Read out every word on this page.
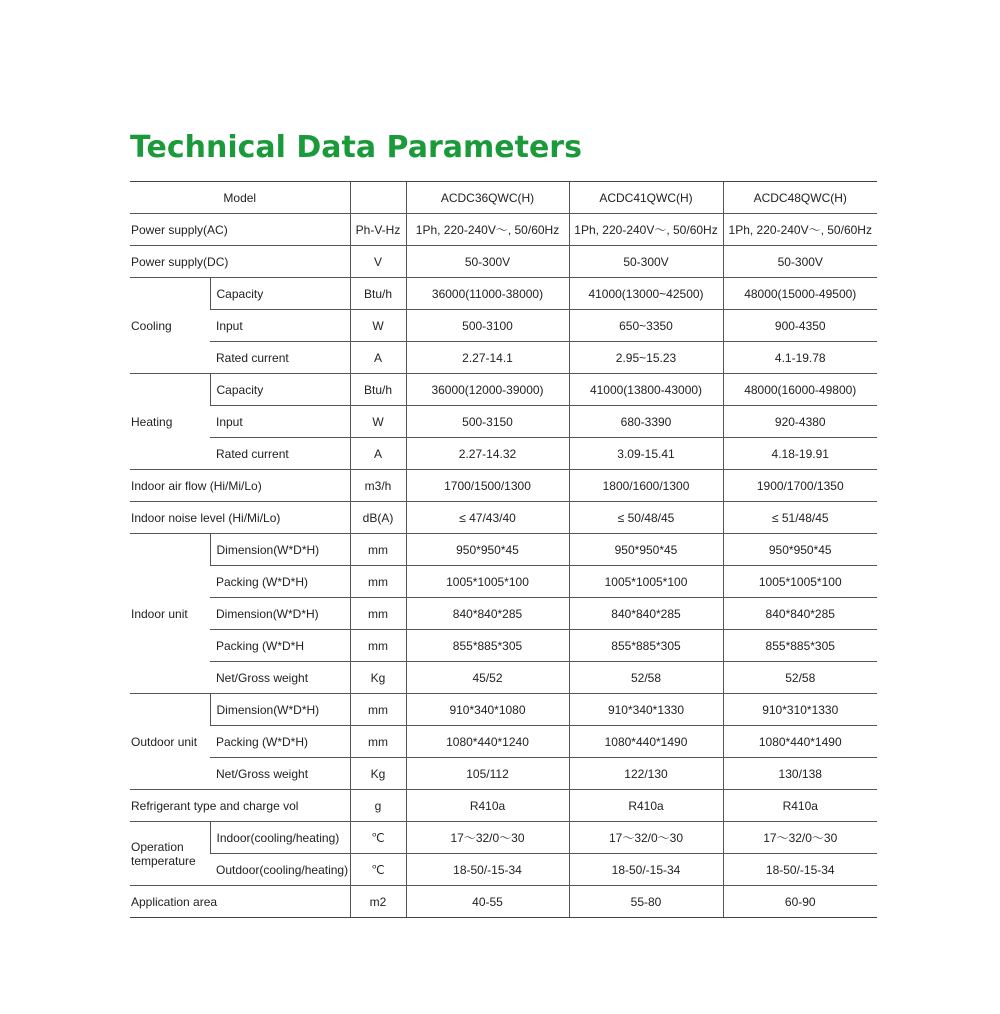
Technical Data Parameters
Model			ACDC36QWC(H)	ACDC41QWC(H)	ACDC48QWC(H)
Power supply(AC)		Ph-V-Hz	1Ph, 220-240V〜, 50/60Hz	1Ph, 220-240V〜, 50/60Hz	1Ph, 220-240V〜, 50/60Hz
Power supply(DC)		V	50-300V	50-300V	50-300V
Cooling	Capacity	Btu/h	36000(11000-38000)	41000(13000~42500)	48000(15000-49500)
	Input	W	500-3100	650~3350	900-4350
	Rated current	A	2.27-14.1	2.95~15.23	4.1-19.78
Heating	Capacity	Btu/h	36000(12000-39000)	41000(13800-43000)	48000(16000-49800)
	Input	W	500-3150	680-3390	920-4380
	Rated current	A	2.27-14.32	3.09-15.41	4.18-19.91
Indoor air flow (Hi/Mi/Lo)		m3/h	1700/1500/1300	1800/1600/1300	1900/1700/1350
Indoor noise level (Hi/Mi/Lo)		dB(A)	≤ 47/43/40	≤ 50/48/45	≤ 51/48/45
Indoor unit	Dimension(W*D*H)	mm	950*950*45	950*950*45	950*950*45
	Packing (W*D*H)	mm	1005*1005*100	1005*1005*100	1005*1005*100
	Dimension(W*D*H)	mm	840*840*285	840*840*285	840*840*285
	Packing (W*D*H	mm	855*885*305	855*885*305	855*885*305
	Net/Gross weight	Kg	45/52	52/58	52/58
Outdoor unit	Dimension(W*D*H)	mm	910*340*1080	910*340*1330	910*310*1330
	Packing (W*D*H)	mm	1080*440*1240	1080*440*1490	1080*440*1490
	Net/Gross weight	Kg	105/112	122/130	130/138
Refrigerant type and charge vol		g	R410a	R410a	R410a
Operation temperature	Indoor(cooling/heating)	℃	17〜32/0〜30	17〜32/0〜30	17〜32/0〜30
	Outdoor(cooling/heating)	℃	18-50/-15-34	18-50/-15-34	18-50/-15-34
Application area		m2	40-55	55-80	60-90
